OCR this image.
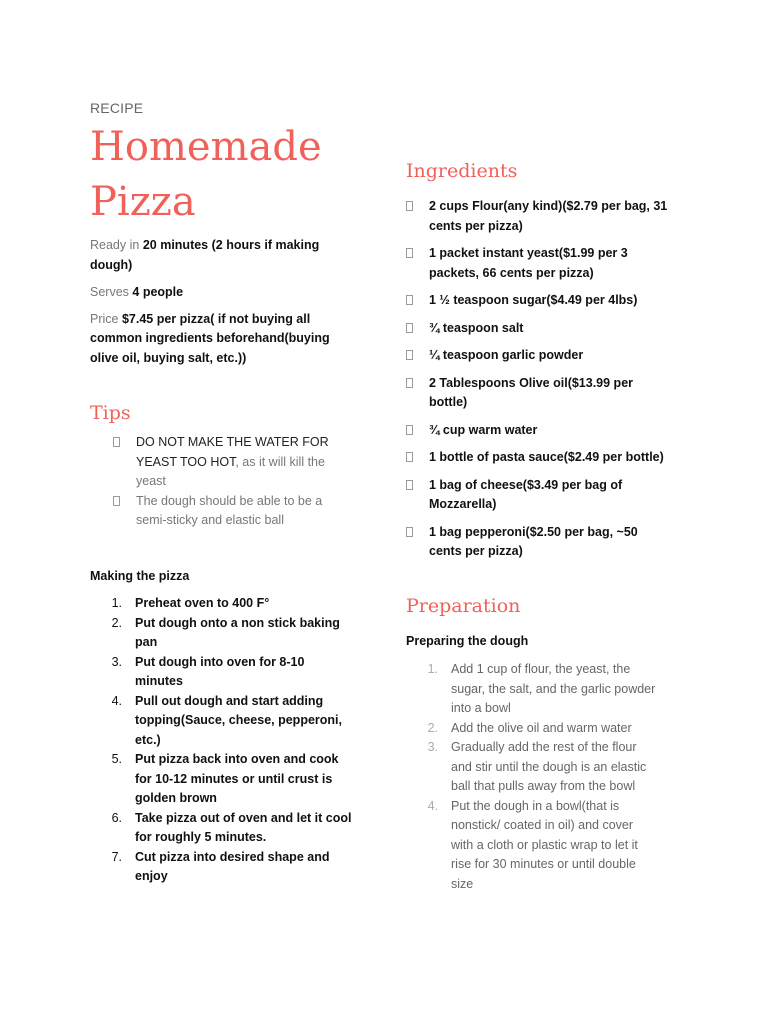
RECIPE
Homemade
Pizza
Ready in 20 minutes (2 hours if making
dough)
Serves 4 people
Price $7.45 per pizza( if not buying all
common ingredients beforehand(buying
olive oil, buying salt, etc.))
Tips
DO NOT MAKE THE WATER FOR
YEAST TOO HOT, as it will kill the
yeast
The dough should be able to be a
semi-sticky and elastic ball
Making the pizza
1. Preheat oven to 400 F°
2. Put dough onto a non stick baking
pan
3. Put dough into oven for 8-10
minutes
4. Pull out dough and start adding
topping(Sauce, cheese, pepperoni,
etc.)
5. Put pizza back into oven and cook
for 10-12 minutes or until crust is
golden brown
6. Take pizza out of oven and let it cool
for roughly 5 minutes.
7. Cut pizza into desired shape and
enjoy
Ingredients
2 cups Flour(any kind)($2.79 per bag, 31
cents per pizza)
1 packet instant yeast($1.99 per 3
packets, 66 cents per pizza)
1 ½ teaspoon sugar($4.49 per 4lbs)
¾ teaspoon salt
¼ teaspoon garlic powder
2 Tablespoons Olive oil($13.99 per
bottle)
¾ cup warm water
1 bottle of pasta sauce($2.49 per bottle)
1 bag of cheese($3.49 per bag of
Mozzarella)
1 bag pepperoni($2.50 per bag, ~50
cents per pizza)
Preparation
Preparing the dough
1. Add 1 cup of flour, the yeast, the
sugar, the salt, and the garlic powder
into a bowl
2. Add the olive oil and warm water
3. Gradually add the rest of the flour
and stir until the dough is an elastic
ball that pulls away from the bowl
4. Put the dough in a bowl(that is
nonstick/ coated in oil) and cover
with a cloth or plastic wrap to let it
rise for 30 minutes or until double
size
